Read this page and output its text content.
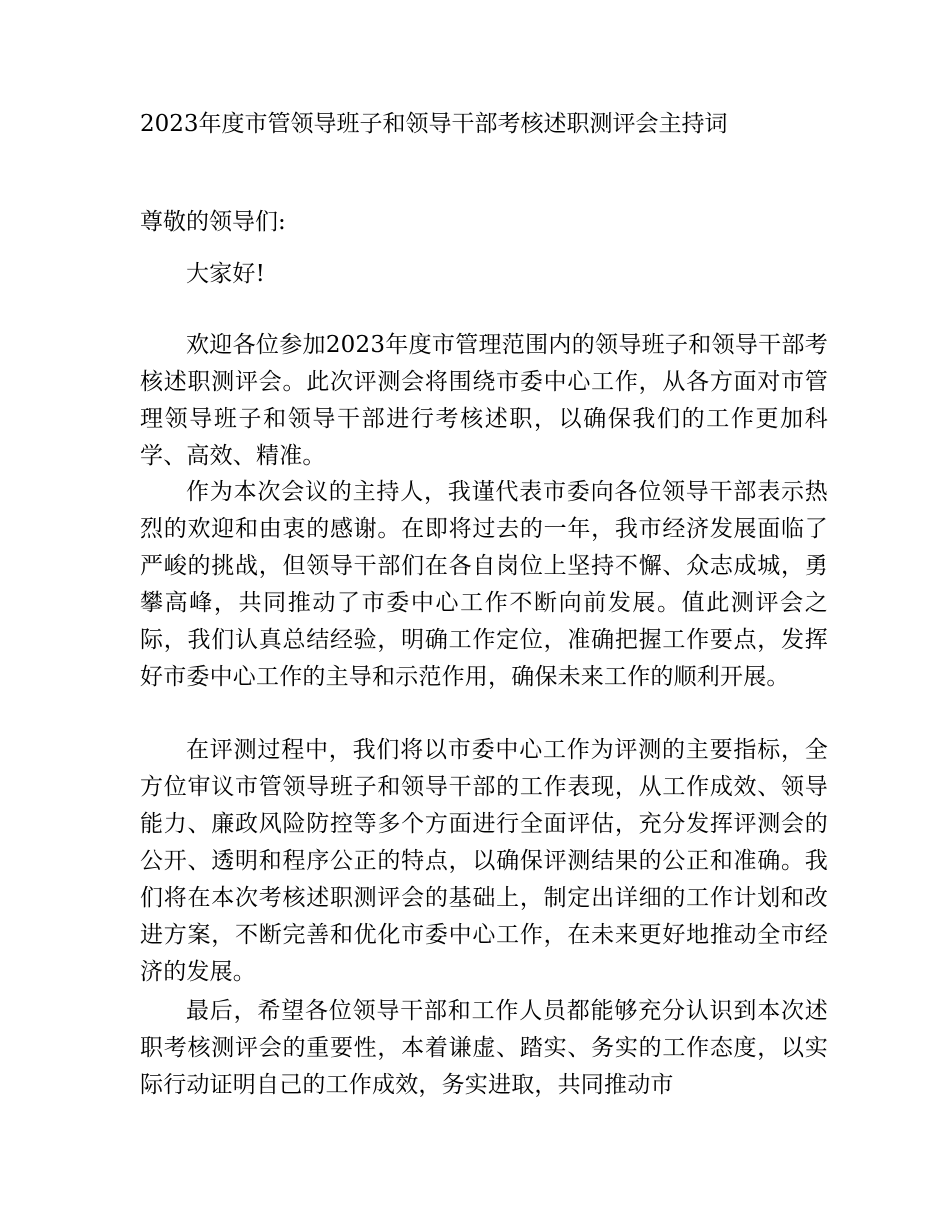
2023年度市管领导班子和领导干部考核述职测评会主持词

尊敬的领导们:

大家好!

欢迎各位参加2023年度市管理范围内的领导班子和领导干部考核述职测评会。此次评测会将围绕市委中心工作，从各方面对市管理领导班子和领导干部进行考核述职，以确保我们的工作更加科学、高效、精准。

作为本次会议的主持人，我谨代表市委向各位领导干部表示热烈的欢迎和由衷的感谢。在即将过去的一年，我市经济发展面临了严峻的挑战，但领导干部们在各自岗位上坚持不懈、众志成城，勇攀高峰，共同推动了市委中心工作不断向前发展。值此测评会之际，我们认真总结经验，明确工作定位，准确把握工作要点，发挥好市委中心工作的主导和示范作用，确保未来工作的顺利开展。

在评测过程中，我们将以市委中心工作为评测的主要指标，全方位审议市管领导班子和领导干部的工作表现，从工作成效、领导能力、廉政风险防控等多个方面进行全面评估，充分发挥评测会的公开、透明和程序公正的特点，以确保评测结果的公正和准确。我们将在本次考核述职测评会的基础上，制定出详细的工作计划和改进方案，不断完善和优化市委中心工作，在未来更好地推动全市经济的发展。

最后，希望各位领导干部和工作人员都能够充分认识到本次述职考核测评会的重要性，本着谦虚、踏实、务实的工作态度，以实际行动证明自己的工作成效，务实进取，共同推动市
